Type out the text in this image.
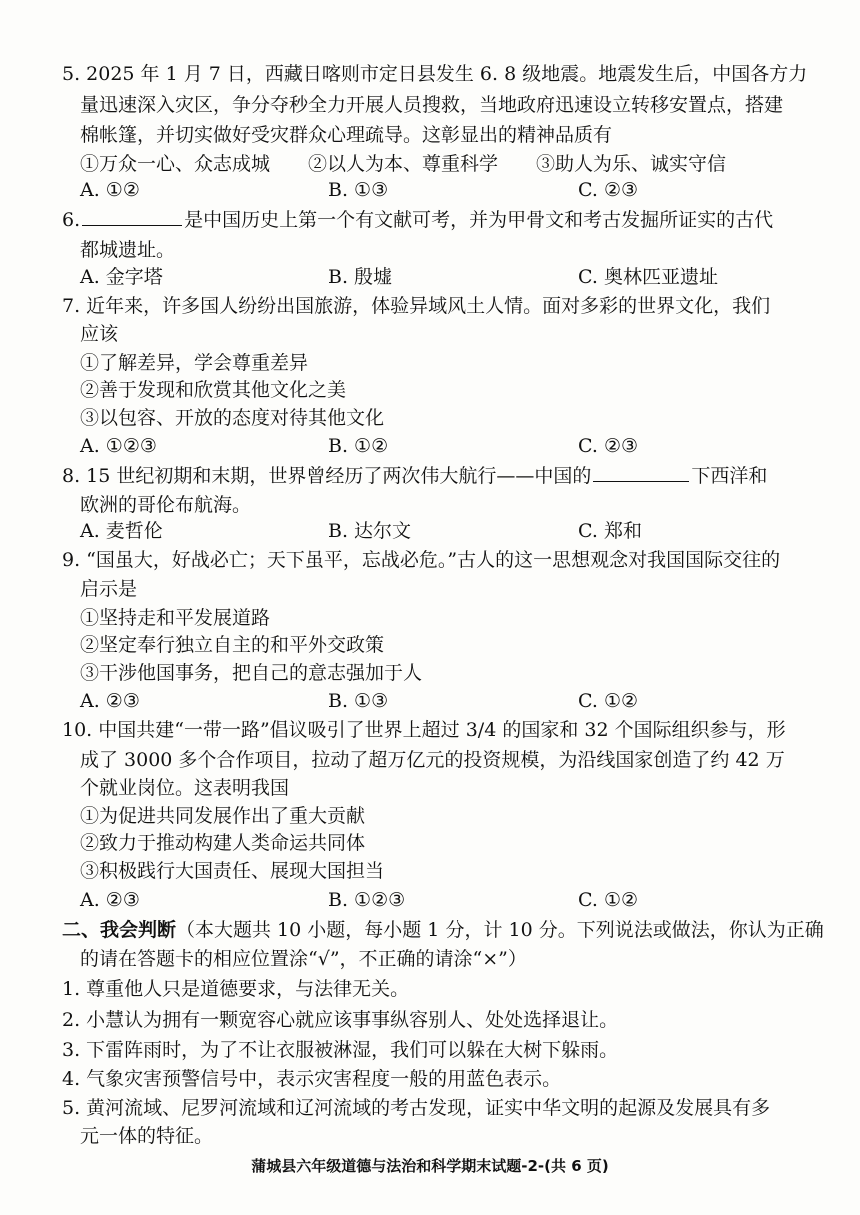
5. 2025 年 1 月 7 日，西藏日喀则市定日县发生 6. 8 级地震。地震发生后，中国各方力
量迅速深入灾区，争分夺秒全力开展人员搜救，当地政府迅速设立转移安置点，搭建
棉帐篷，并切实做好受灾群众心理疏导。这彰显出的精神品质有
①万众一心、众志成城　　②以人为本、尊重科学　　③助人为乐、诚实守信
A. ①②	B. ①③	C. ②③
6.	是中国历史上第一个有文献可考，并为甲骨文和考古发掘所证实的古代
都城遗址。
A. 金字塔	B. 殷墟	C. 奥林匹亚遗址
7. 近年来，许多国人纷纷出国旅游，体验异域风土人情。面对多彩的世界文化，我们
应该
①了解差异，学会尊重差异
②善于发现和欣赏其他文化之美
③以包容、开放的态度对待其他文化
A. ①②③	B. ①②	C. ②③
8. 15 世纪初期和末期，世界曾经历了两次伟大航行——中国的	下西洋和
欧洲的哥伦布航海。
A. 麦哲伦	B. 达尔文	C. 郑和
9. “国虽大，好战必亡；天下虽平，忘战必危。”古人的这一思想观念对我国国际交往的
启示是
①坚持走和平发展道路
②坚定奉行独立自主的和平外交政策
③干涉他国事务，把自己的意志强加于人
A. ②③	B. ①③	C. ①②
10. 中国共建“一带一路”倡议吸引了世界上超过 3/4 的国家和 32 个国际组织参与，形
成了 3000 多个合作项目，拉动了超万亿元的投资规模，为沿线国家创造了约 42 万
个就业岗位。这表明我国
①为促进共同发展作出了重大贡献
②致力于推动构建人类命运共同体
③积极践行大国责任、展现大国担当
A. ②③	B. ①②③	C. ①②
二、我会判断（本大题共 10 小题，每小题 1 分，计 10 分。下列说法或做法，你认为正确
的请在答题卡的相应位置涂“√”，不正确的请涂“×”）
1. 尊重他人只是道德要求，与法律无关。
2. 小慧认为拥有一颗宽容心就应该事事纵容别人、处处选择退让。
3. 下雷阵雨时，为了不让衣服被淋湿，我们可以躲在大树下躲雨。
4. 气象灾害预警信号中，表示灾害程度一般的用蓝色表示。
5. 黄河流域、尼罗河流域和辽河流域的考古发现，证实中华文明的起源及发展具有多
元一体的特征。
蒲城县六年级道德与法治和科学期末试题-2-(共 6 页)
